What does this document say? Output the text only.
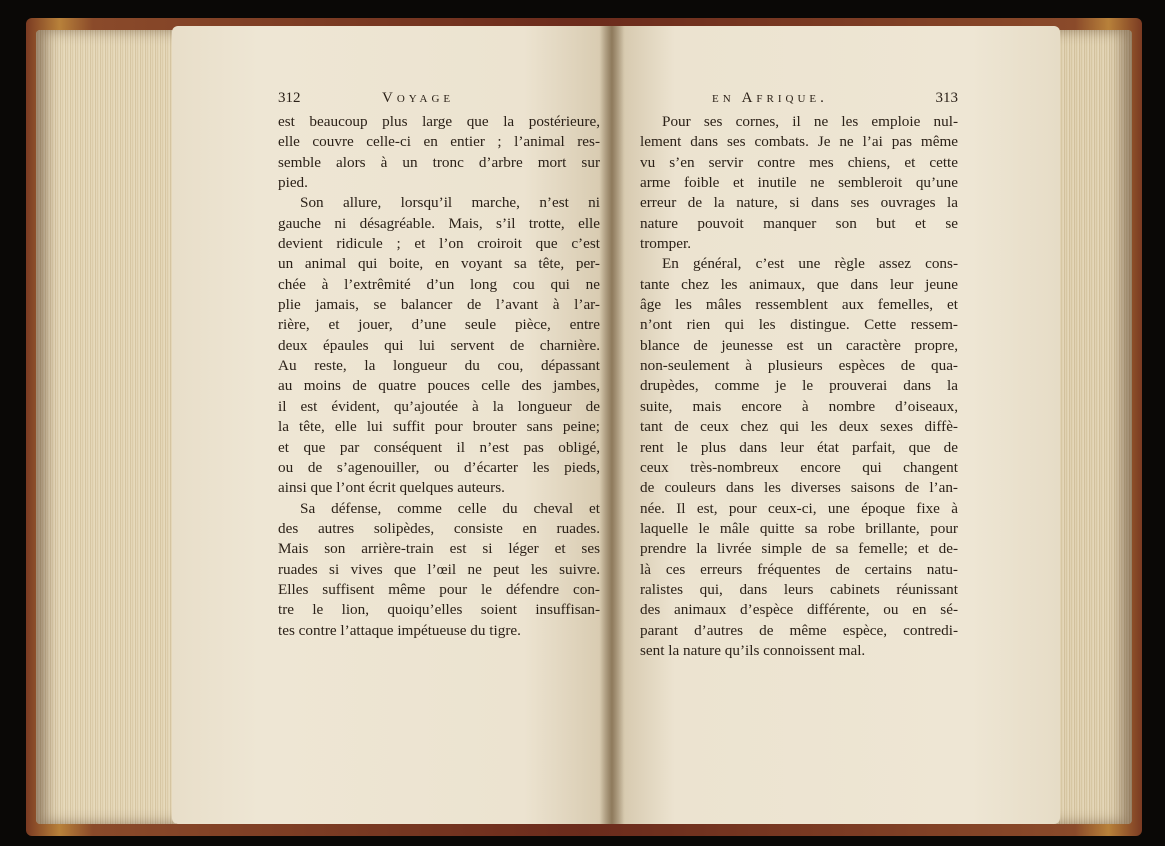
312	Voyage
est beaucoup plus large que la postérieure,
elle couvre celle-ci en entier ; l’animal res-
semble alors à un tronc d’arbre mort sur
pied.
Son allure, lorsqu’il marche, n’est ni
gauche ni désagréable. Mais, s’il trotte, elle
devient ridicule ; et l’on croiroit que c’est
un animal qui boite, en voyant sa tête, per-
chée à l’extrêmité d’un long cou qui ne
plie jamais, se balancer de l’avant à l’ar-
rière, et jouer, d’une seule pièce, entre
deux épaules qui lui servent de charnière.
Au reste, la longueur du cou, dépassant
au moins de quatre pouces celle des jambes,
il est évident, qu’ajoutée à la longueur de
la tête, elle lui suffit pour brouter sans peine;
et que par conséquent il n’est pas obligé,
ou de s’agenouiller, ou d’écarter les pieds,
ainsi que l’ont écrit quelques auteurs.
Sa défense, comme celle du cheval et
des autres solipèdes, consiste en ruades.
Mais son arrière-train est si léger et ses
ruades si vives que l’œil ne peut les suivre.
Elles suffisent même pour le défendre con-
tre le lion, quoiqu’elles soient insuffisan-
tes contre l’attaque impétueuse du tigre.
en Afrique.	313
Pour ses cornes, il ne les emploie nul-
lement dans ses combats. Je ne l’ai pas même
vu s’en servir contre mes chiens, et cette
arme foible et inutile ne sembleroit qu’une
erreur de la nature, si dans ses ouvrages la
nature pouvoit manquer son but et se
tromper.
En général, c’est une règle assez cons-
tante chez les animaux, que dans leur jeune
âge les mâles ressemblent aux femelles, et
n’ont rien qui les distingue. Cette ressem-
blance de jeunesse est un caractère propre,
non-seulement à plusieurs espèces de qua-
drupèdes, comme je le prouverai dans la
suite, mais encore à nombre d’oiseaux,
tant de ceux chez qui les deux sexes diffè-
rent le plus dans leur état parfait, que de
ceux très-nombreux encore qui changent
de couleurs dans les diverses saisons de l’an-
née. Il est, pour ceux-ci, une époque fixe à
laquelle le mâle quitte sa robe brillante, pour
prendre la livrée simple de sa femelle; et de-
là ces erreurs fréquentes de certains natu-
ralistes qui, dans leurs cabinets réunissant
des animaux d’espèce différente, ou en sé-
parant d’autres de même espèce, contredi-
sent la nature qu’ils connoissent mal.
